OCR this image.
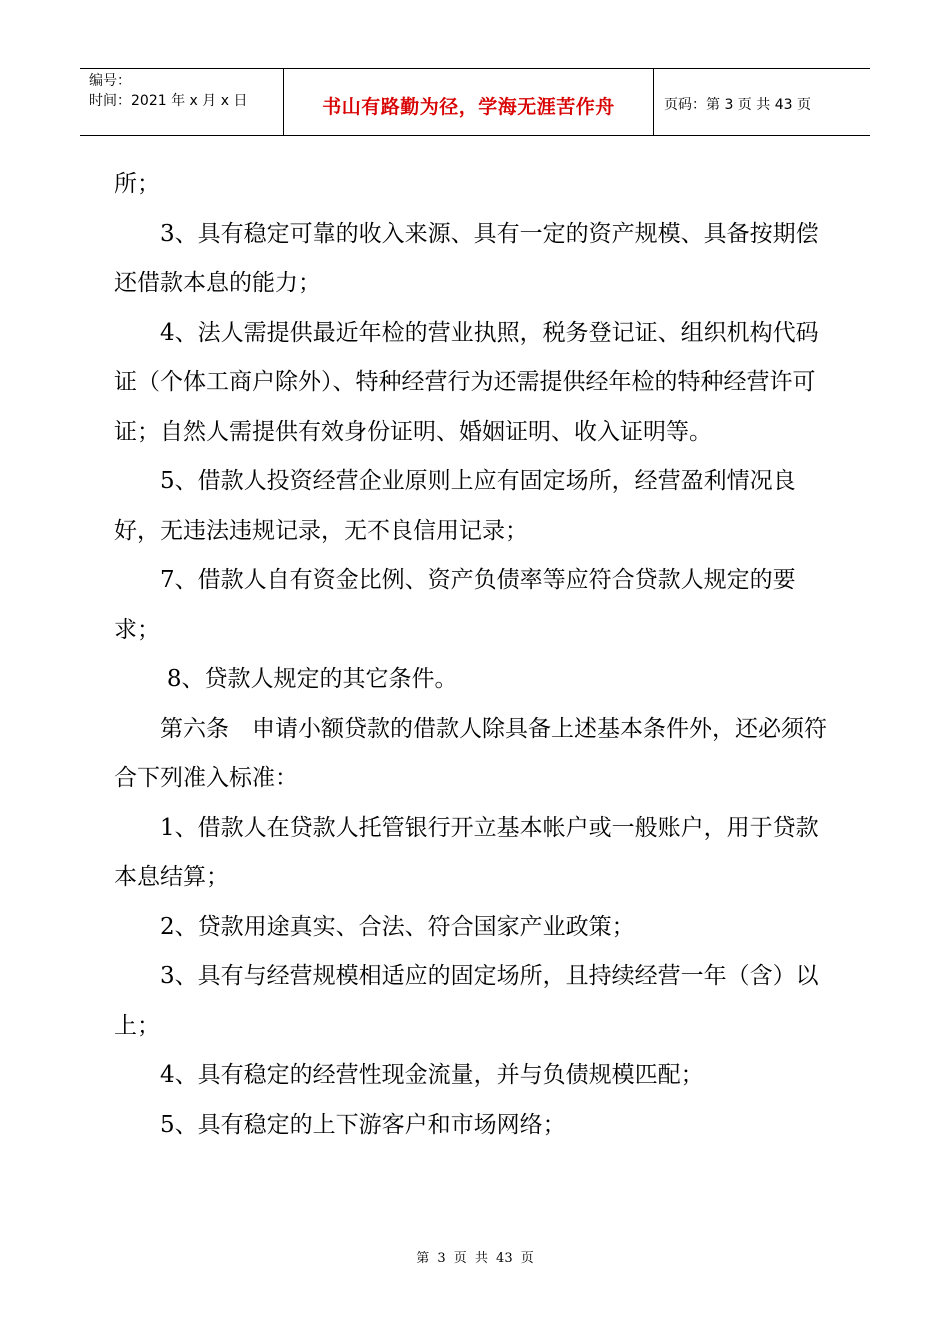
编号：
时间：2021 年 x 月 x 日	书山有路勤为径，学海无涯苦作舟	页码：第 3 页 共 43 页

所；

3、具有稳定可靠的收入来源、具有一定的资产规模、具备按期偿还借款本息的能力；

4、法人需提供最近年检的营业执照，税务登记证、组织机构代码证（个体工商户除外）、特种经营行为还需提供经年检的特种经营许可证；自然人需提供有效身份证明、婚姻证明、收入证明等。

5、借款人投资经营企业原则上应有固定场所，经营盈利情况良好，无违法违规记录，无不良信用记录；

7、借款人自有资金比例、资产负债率等应符合贷款人规定的要求；

8、贷款人规定的其它条件。

第六条　申请小额贷款的借款人除具备上述基本条件外，还必须符合下列准入标准：

1、借款人在贷款人托管银行开立基本帐户或一般账户，用于贷款本息结算；

2、贷款用途真实、合法、符合国家产业政策；

3、具有与经营规模相适应的固定场所，且持续经营一年（含）以上；

4、具有稳定的经营性现金流量，并与负债规模匹配；

5、具有稳定的上下游客户和市场网络；

第 3 页 共 43 页
